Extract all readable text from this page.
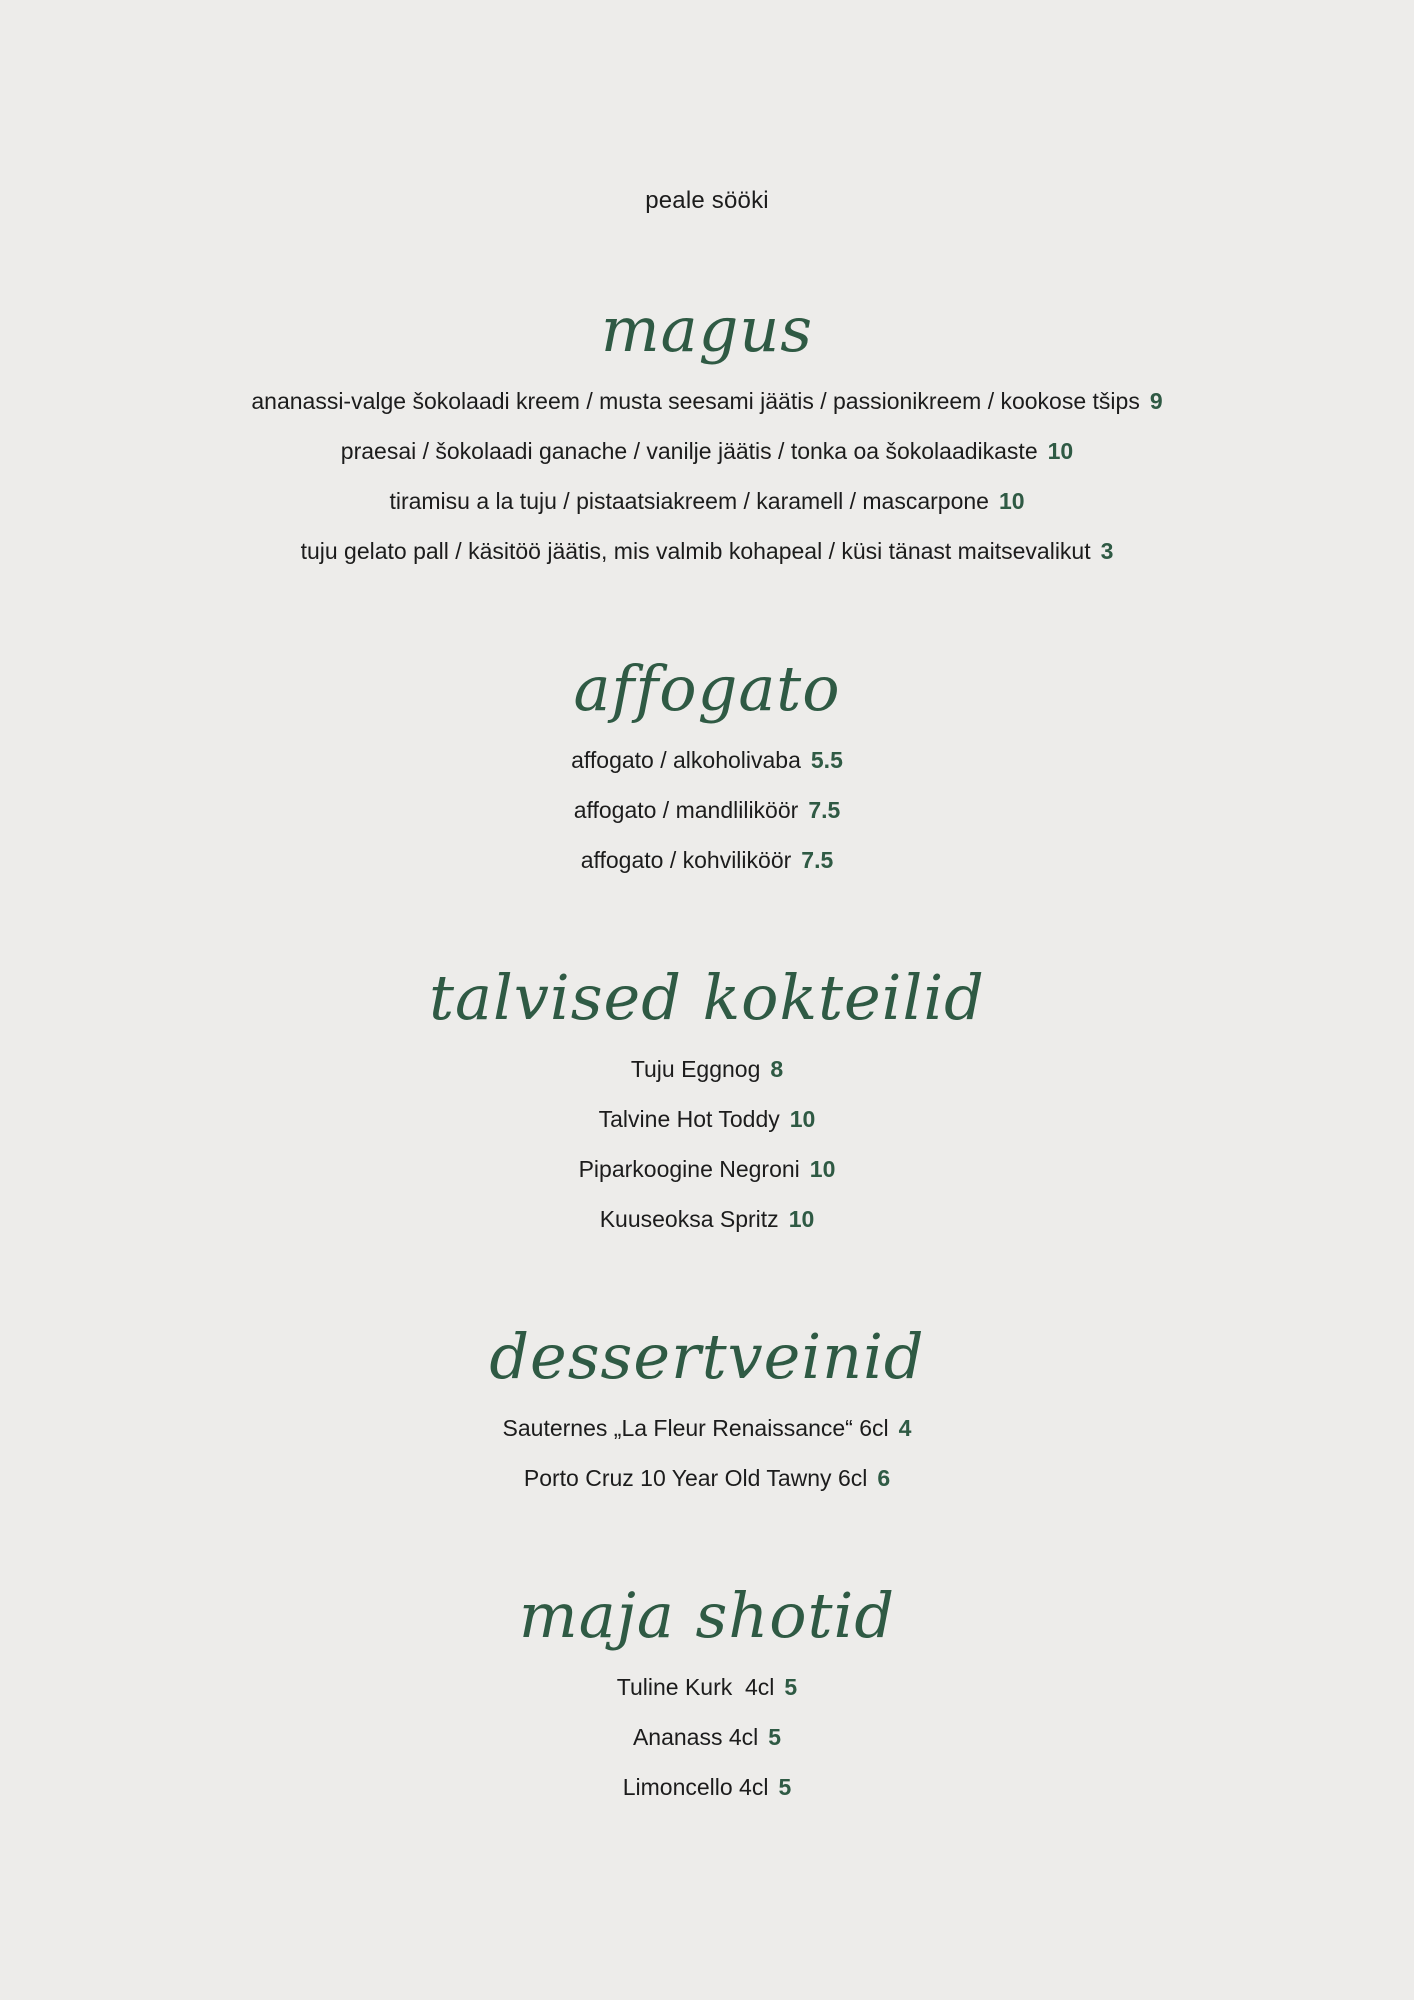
peale sööki
magus
ananassi-valge šokolaadi kreem / musta seesami jäätis / passionikreem / kookose tšips 9
praesai / šokolaadi ganache / vanilje jäätis / tonka oa šokolaadikaste 10
tiramisu a la tuju / pistaatsiakreem / karamell / mascarpone 10
tuju gelato pall / käsitöö jäätis, mis valmib kohapeal / küsi tänast maitsevalikut 3
affogato
affogato / alkoholivaba 5.5
affogato / mandliliköör 7.5
affogato / kohviliköör 7.5
talvised kokteilid
Tuju Eggnog 8
Talvine Hot Toddy 10
Piparkoogine Negroni 10
Kuuseoksa Spritz 10
dessertveinid
Sauternes „La Fleur Renaissance“ 6cl 4
Porto Cruz 10 Year Old Tawny 6cl 6
maja shotid
Tuline Kurk  4cl 5
Ananass 4cl 5
Limoncello 4cl 5
